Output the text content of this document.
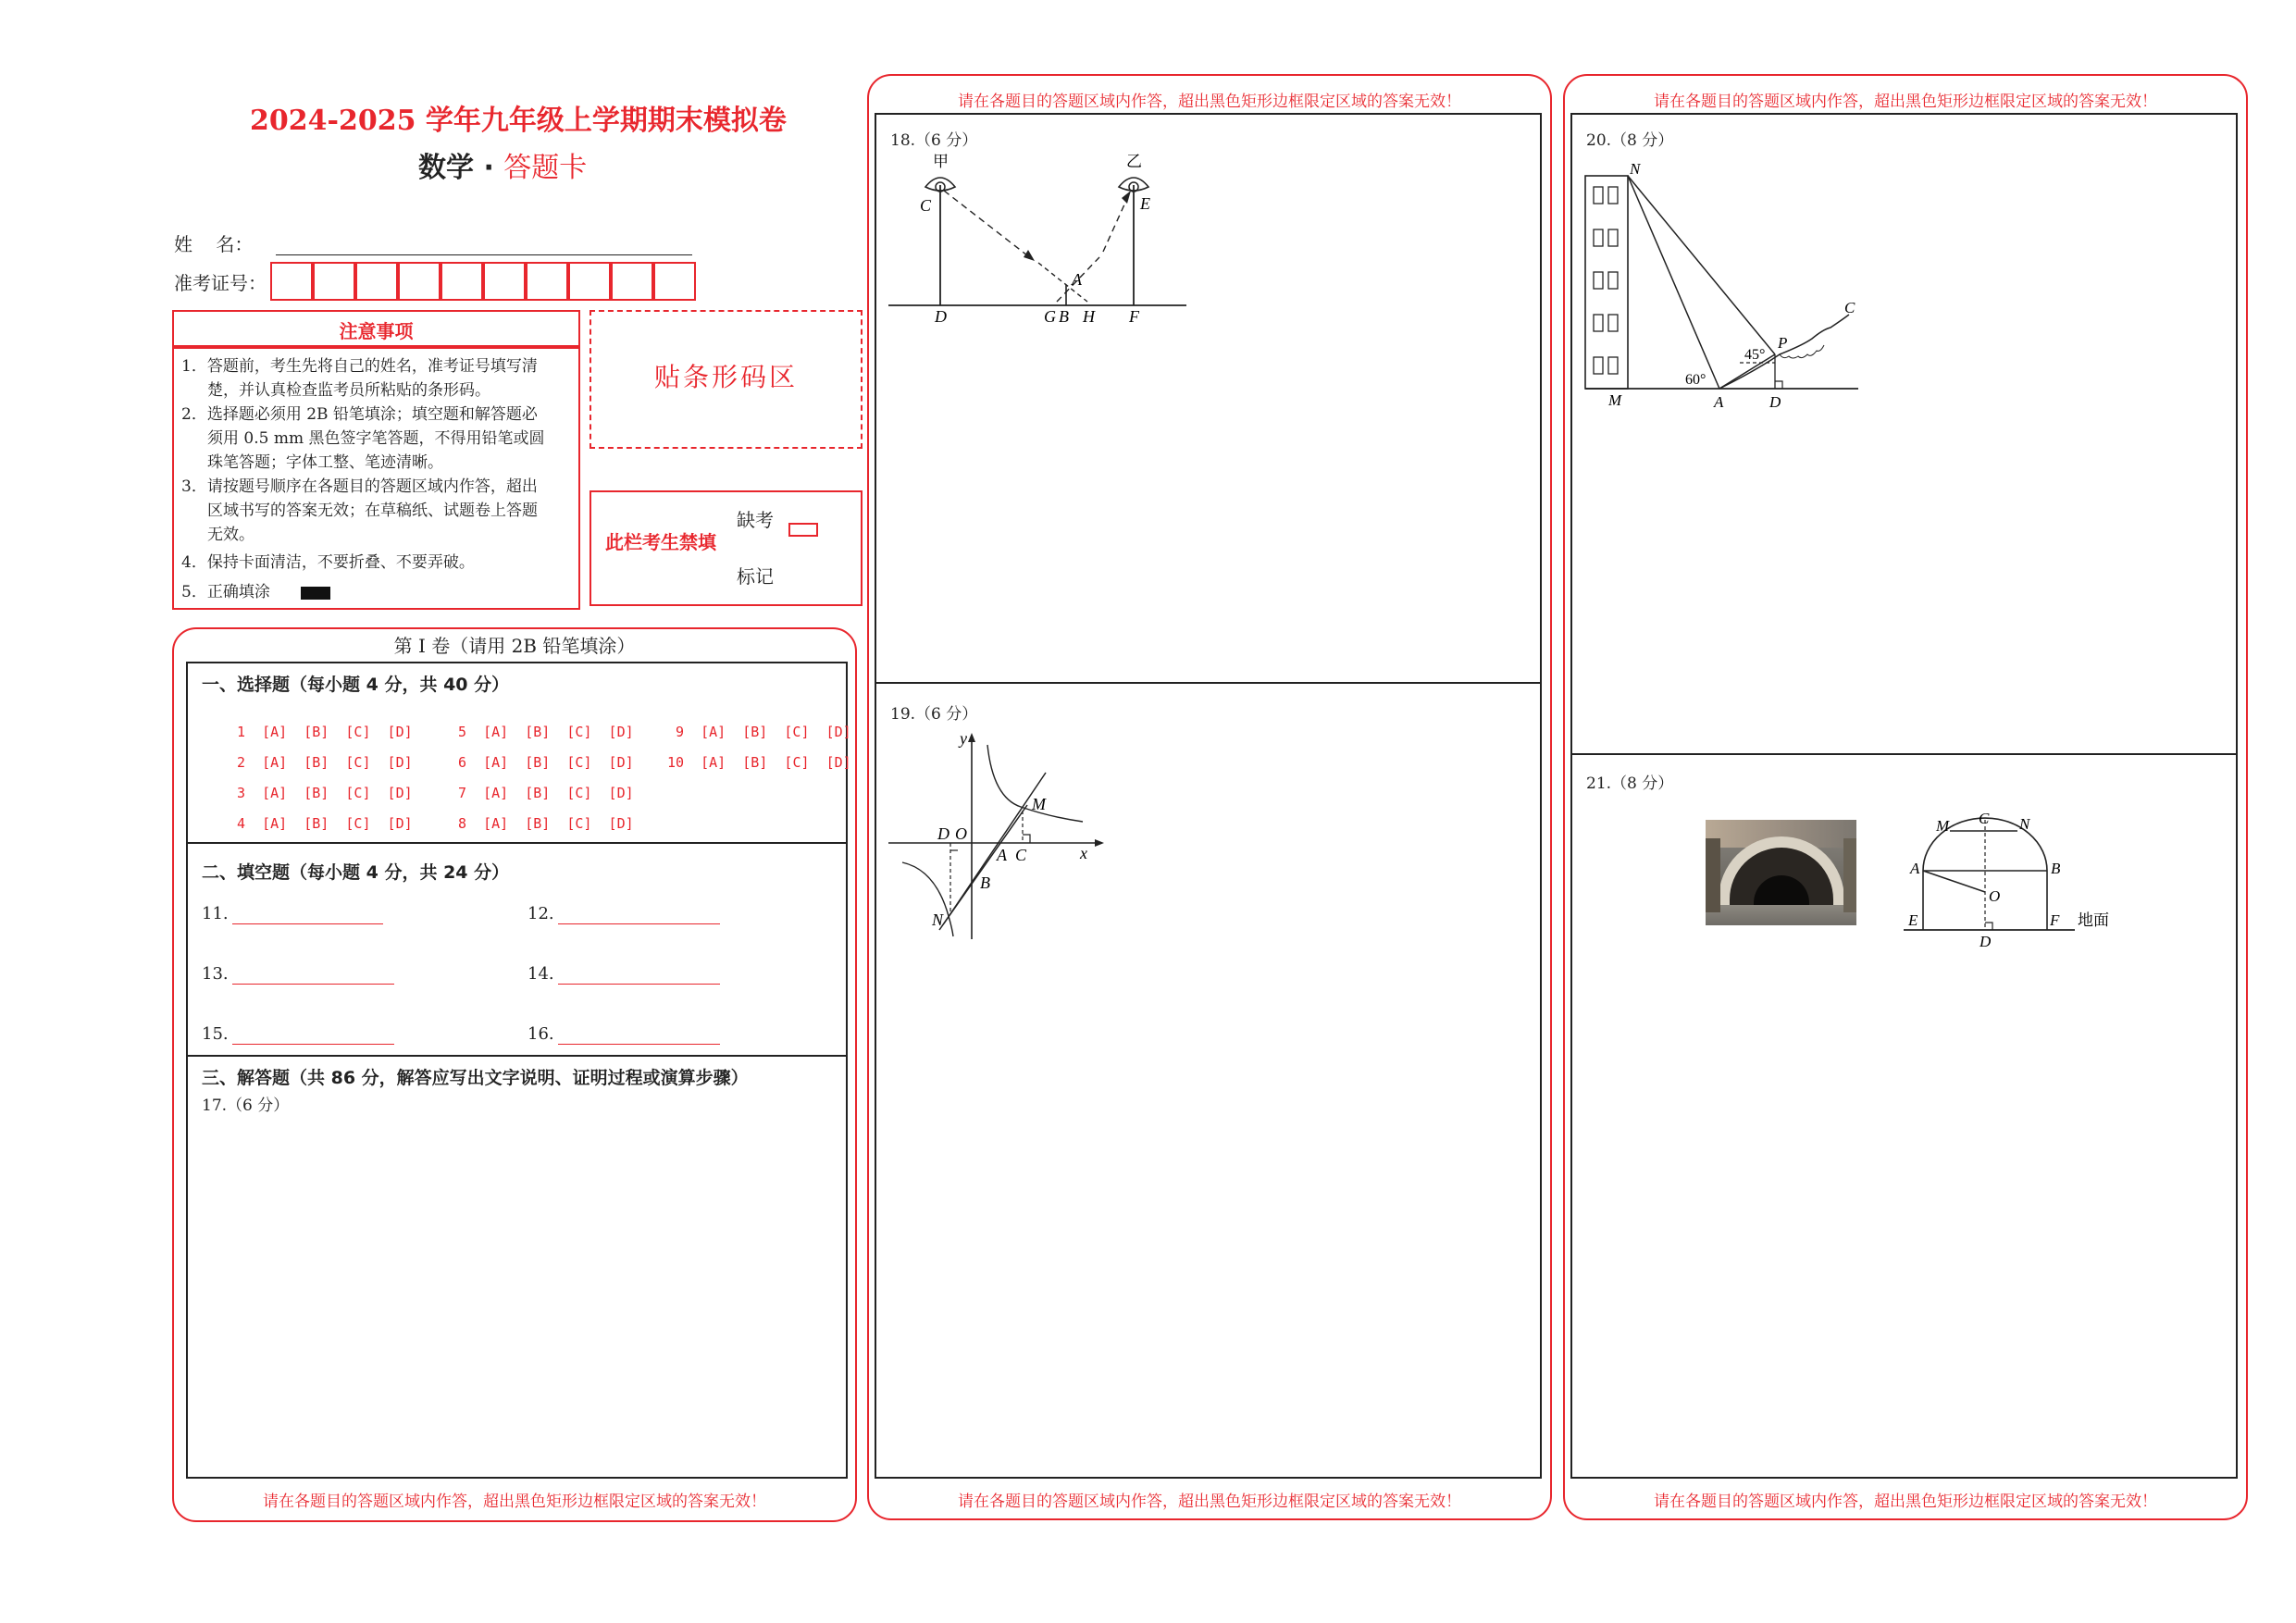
2024-2025 学年九年级上学期期末模拟卷
数学 · 答题卡
姓    名：
准考证号：
注意事项

1．答题前，考生先将自己的姓名，准考证号填写清

楚，并认真检查监考员所粘贴的条形码。

2．选择题必须用 2B 铅笔填涂；填空题和解答题必

须用 0.5 mm 黑色签字笔答题，不得用铅笔或圆

珠笔答题；字体工整、笔迹清晰。

3．请按题号顺序在各题目的答题区域内作答，超出

区域书写的答案无效；在草稿纸、试题卷上答题

无效。

4．保持卡面清洁，不要折叠、不要弄破。

5．正确填涂

贴条形码区
此栏考生禁填
缺考
标记
第 Ⅰ 卷（请用 2B 铅笔填涂）
一、选择题（每小题 4 分，共 40 分）
1  [A]  [B]  [C]  [D]
2  [A]  [B]  [C]  [D]
3  [A]  [B]  [C]  [D]
4  [A]  [B]  [C]  [D]
5  [A]  [B]  [C]  [D]
6  [A]  [B]  [C]  [D]
7  [A]  [B]  [C]  [D]
8  [A]  [B]  [C]  [D]
9  [A]  [B]  [C]  [D]
10  [A]  [B]  [C]  [D]
二、填空题（每小题 4 分，共 24 分）
11.	12.
13.	14.
15.	16.
三、解答题（共 86 分，解答应写出文字说明、证明过程或演算步骤）
17.（6 分）
请在各题目的答题区域内作答，超出黑色矩形边框限定区域的答案无效！
请在各题目的答题区域内作答，超出黑色矩形边框限定区域的答案无效！
18.（6 分）
甲	乙
C	E
A
D	G B H F
19.（6 分）
y
x
M
D O
A C
B
N
请在各题目的答题区域内作答，超出黑色矩形边框限定区域的答案无效！
请在各题目的答题区域内作答，超出黑色矩形边框限定区域的答案无效！
20.（8 分）
N
C
P
45°
60°
M	A	D
21.（8 分）
M C N
A	B
O
E	F
D
地面
请在各题目的答题区域内作答，超出黑色矩形边框限定区域的答案无效！
